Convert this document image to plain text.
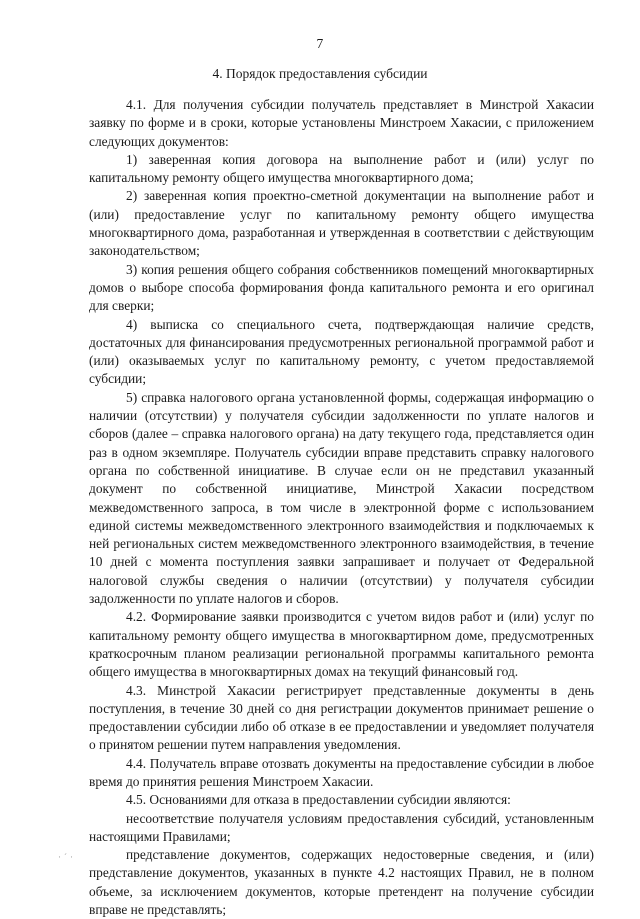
7
4. Порядок предоставления субсидии

4.1. Для получения субсидии получатель представляет в Минстрой Хакасии заявку по форме и в сроки, которые установлены Минстроем Хакасии, с приложением следующих документов:

1) заверенная копия договора на выполнение работ и (или) услуг по капитальному ремонту общего имущества многоквартирного дома;

2) заверенная копия проектно-сметной документации на выполнение работ и (или) предоставление услуг по капитальному ремонту общего имущества многоквартирного дома, разработанная и утвержденная в соответствии с действующим законодательством;

3) копия решения общего собрания собственников помещений многоквартирных домов о выборе способа формирования фонда капитального ремонта и его оригинал для сверки;

4) выписка со специального счета, подтверждающая наличие средств, достаточных для финансирования предусмотренных региональной программой работ и (или) оказываемых услуг по капитальному ремонту, с учетом предоставляемой субсидии;

5) справка налогового органа установленной формы, содержащая информацию о наличии (отсутствии) у получателя субсидии задолженности по уплате налогов и сборов (далее – справка налогового органа) на дату текущего года, представляется один раз в одном экземпляре. Получатель субсидии вправе представить справку налогового органа по собственной инициативе. В случае если он не представил указанный документ по собственной инициативе, Минстрой Хакасии посредством межведомственного запроса, в том числе в электронной форме с использованием единой системы межведомственного электронного взаимодействия и подключаемых к ней региональных систем межведомственного электронного взаимодействия, в течение 10 дней с момента поступления заявки запрашивает и получает от Федеральной налоговой службы сведения о наличии (отсутствии) у получателя субсидии задолженности по уплате налогов и сборов.

4.2. Формирование заявки производится с учетом видов работ и (или) услуг по капитальному ремонту общего имущества в многоквартирном доме, предусмотренных краткосрочным планом реализации региональной программы капитального ремонта общего имущества в многоквартирных домах на текущий финансовый год.

4.3. Минстрой Хакасии регистрирует представленные документы в день поступления, в течение 30 дней со дня регистрации документов принимает решение о предоставлении субсидии либо об отказе в ее предоставлении и уведомляет получателя о принятом решении путем направления уведомления.

4.4. Получатель вправе отозвать документы на предоставление субсидии в любое время до принятия решения Минстроем Хакасии.

4.5. Основаниями для отказа в предоставлении субсидии являются:

несоответствие получателя условиям предоставления субсидий, установленным настоящими Правилами;

представление документов, содержащих недостоверные сведения, и (или) представление документов, указанных в пункте 4.2 настоящих Правил, не в полном объеме, за исключением документов, которые претендент на получение субсидии вправе не представлять;

·´·
